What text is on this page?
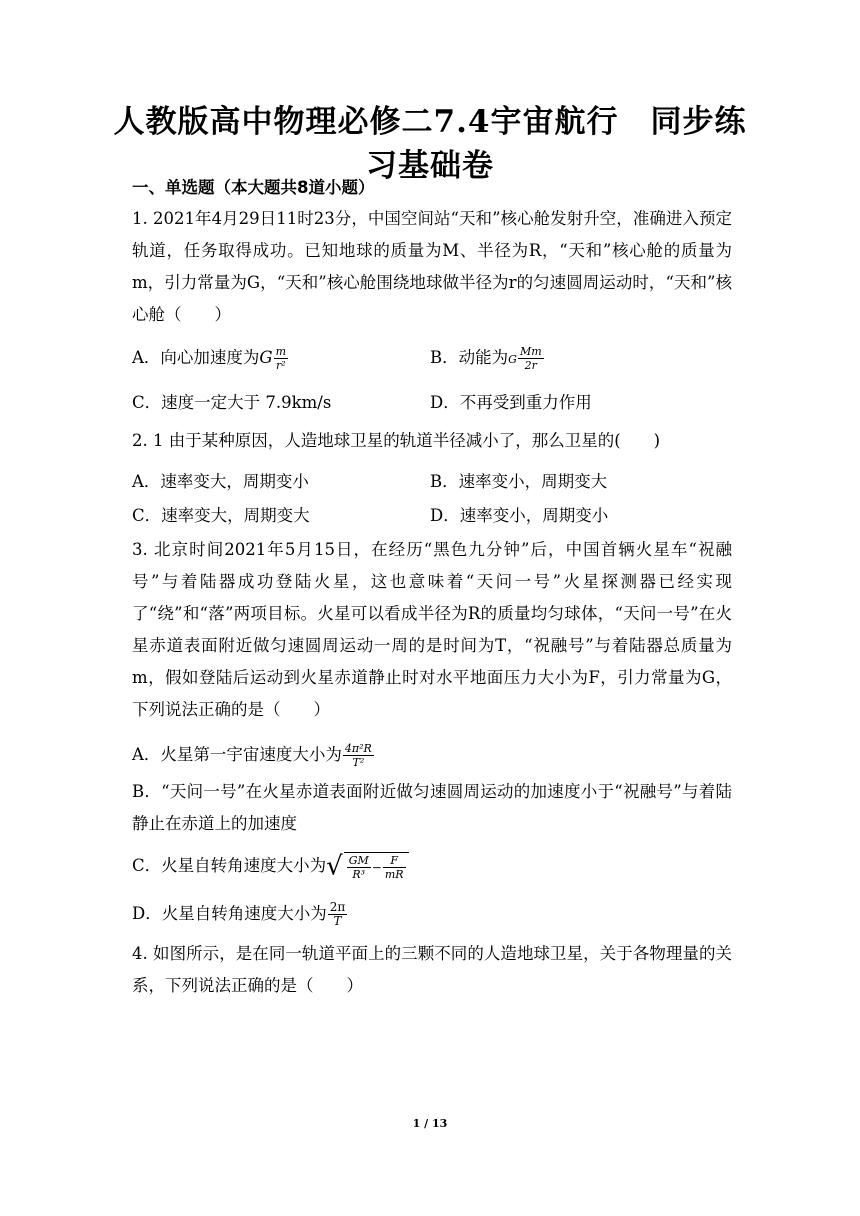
人教版高中物理必修二7.4宇宙航行　同步练习基础卷
一、单选题（本大题共8道小题）
1. 2021年4月29日11时23分，中国空间站“天和”核心舱发射升空，准确进入预定轨道，任务取得成功。已知地球的质量为M、半径为R，“天和”核心舱的质量为m，引力常量为G，“天和”核心舱围绕地球做半径为r的匀速圆周运动时，“天和”核心舱（　　）
A．向心加速度为G $\frac{m}{\text{r²}}$	B．动能为G $\frac{Mm}{2r}$
C．速度一定大于 7.9km/s	D．不再受到重力作用
2. 1 由于某种原因，人造地球卫星的轨道半径减小了，那么卫星的(　　)
A．速率变大，周期变小	B．速率变小，周期变大
C．速率变大，周期变大	D．速率变小，周期变小
3. 北京时间2021年5月15日，在经历“黑色九分钟”后，中国首辆火星车“祝融号”与着陆器成功登陆火星，这也意味着“天问一号”火星探测器已经实现了“绕”和“落”两项目标。火星可以看成半径为R的质量均匀球体，“天问一号”在火星赤道表面附近做匀速圆周运动一周的是时间为T，“祝融号”与着陆器总质量为m，假如登陆后运动到火星赤道静止时对水平地面压力大小为F，引力常量为G，下列说法正确的是（　　）
A．火星第一宇宙速度大小为 $\frac{\text{4π²R}}{\text{T²}}$
B．“天问一号”在火星赤道表面附近做匀速圆周运动的加速度小于“祝融号”与着陆静止在赤道上的加速度
C．火星自转角速度大小为√ $\frac{GM}{\text{R³}} - \frac{F}{mR}$
D．火星自转角速度大小为 $\frac{2\pi}{T}$
4. 如图所示，是在同一轨道平面上的三颗不同的人造地球卫星，关于各物理量的关系，下列说法正确的是（　　）
1 / 13
